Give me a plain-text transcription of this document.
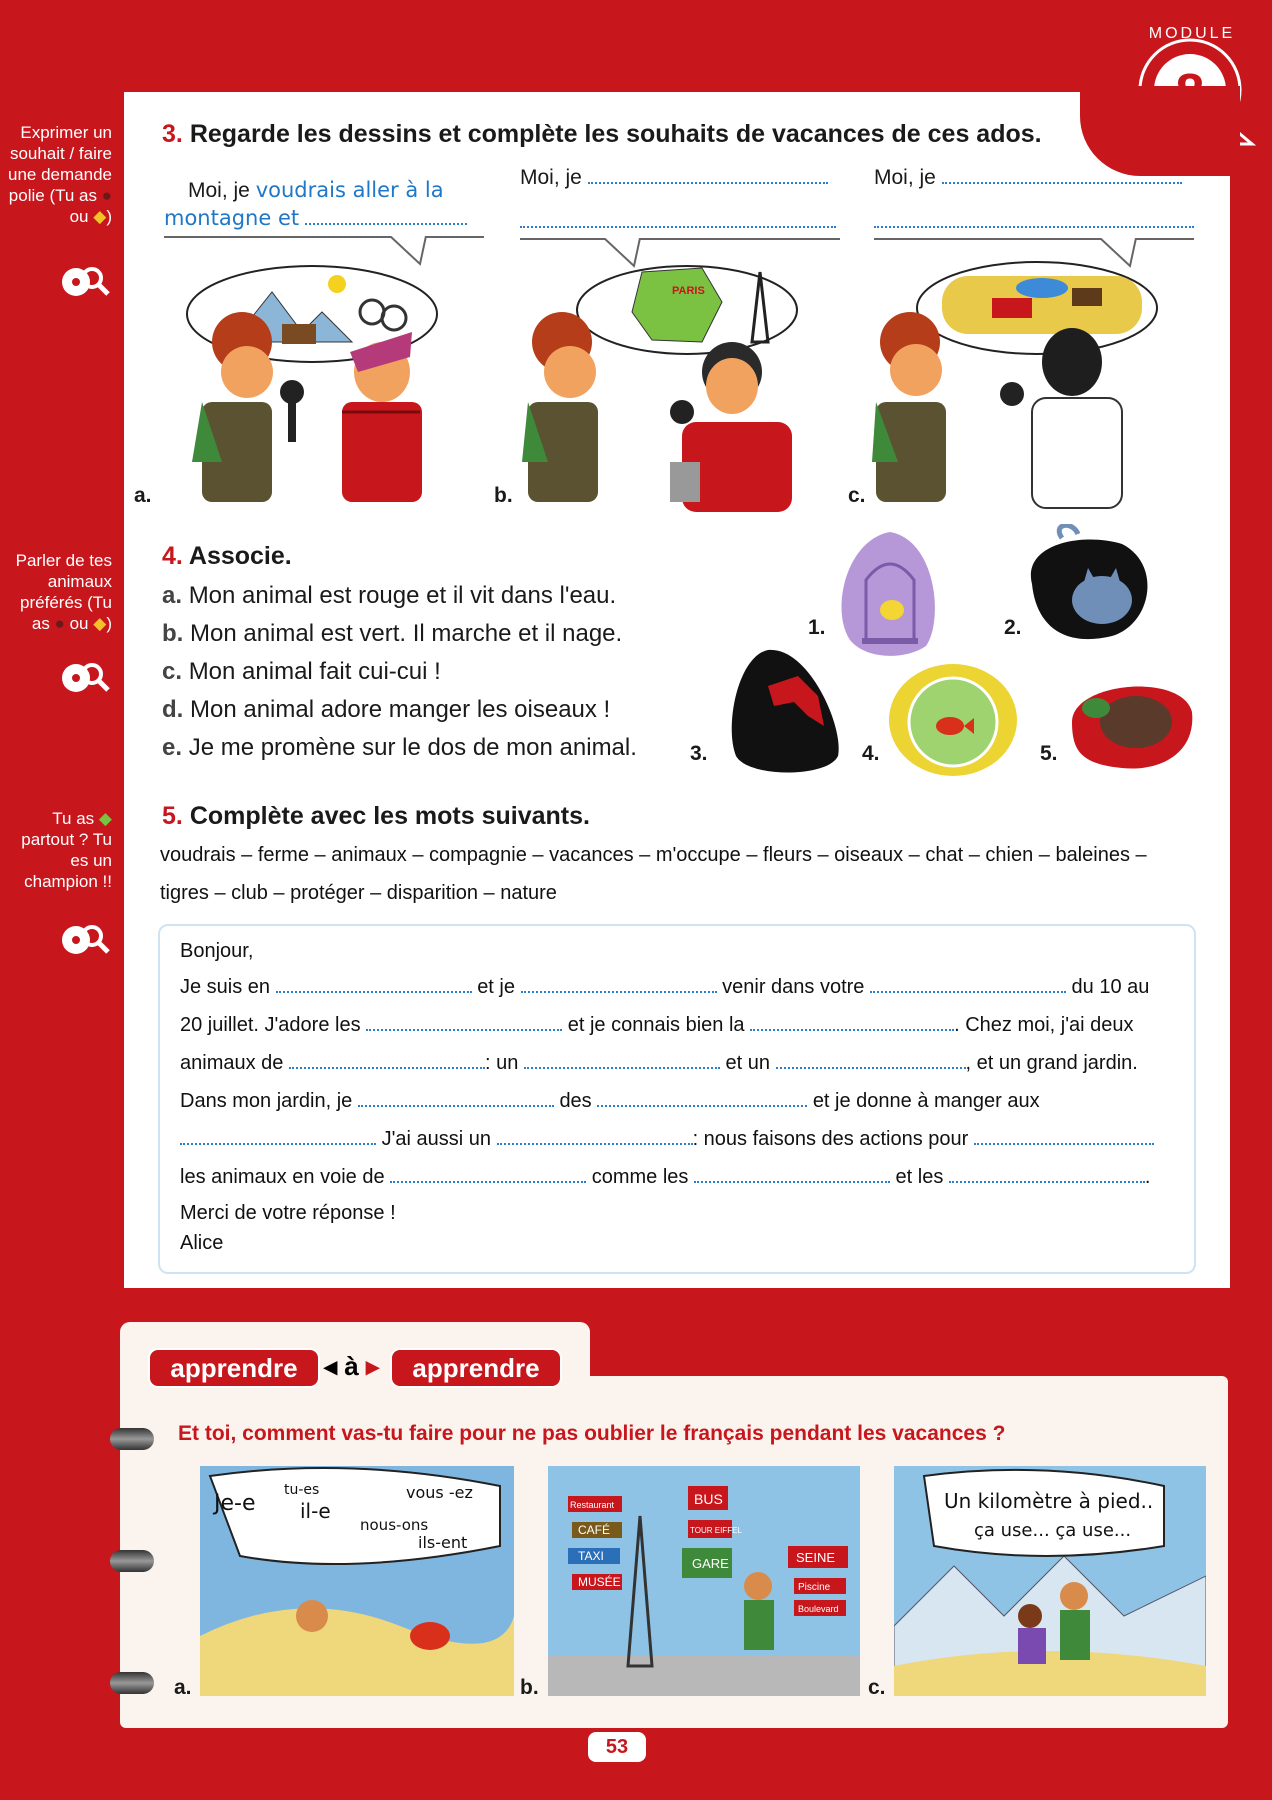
MODULE
Exprimer un souhait / faire une demande polie (Tu as ● ou ◆)
Parler de tes animaux préférés (Tu as ● ou ◆)
Tu as ◆ partout ? Tu es un champion !!
3. Regarde les dessins et complète les souhaits de vacances de ces ados.
Moi, je voudrais aller à la
montagne et
Moi, je	Moi, je
a.
PARIS
b.	c.
4. Associe.
a. Mon animal est rouge et il vit dans l'eau.
b. Mon animal est vert. Il marche et il nage.
c. Mon animal fait cui-cui !
d. Mon animal adore manger les oiseaux !
e. Je me promène sur le dos de mon animal.
1.	2.
3.	4.	5.
5. Complète avec les mots suivants.
voudrais – ferme – animaux – compagnie – vacances – m'occupe – fleurs – oiseaux – chat – chien – baleines –
tigres – club – protéger – disparition – nature
Bonjour,
Je suis en	et je	venir dans votre	du 10 au
20 juillet. J'adore les	et je connais bien la	. Chez moi, j'ai deux
animaux de	: un	et un	, et un grand jardin.
Dans mon jardin, je	des	et je donne à manger aux
J'ai aussi un	: nous faisons des actions pour
les animaux en voie de	comme les	et les	.
Merci de votre réponse !
Alice
apprendre	◂ à ▸	apprendre
Et toi, comment vas-tu faire pour ne pas oublier le français pendant les vacances ?
Je-e
tu-es
il-e
vous -ez
nous-ons
ils-ent
a.
Restaurant
CAFÉ
TAXI
MUSÉE
BUS
TOUR EIFFEL
GARE	SEINE
Piscine
Boulevard
b.
Un kilomètre à pied..
ça use... ça use...
c.
53
